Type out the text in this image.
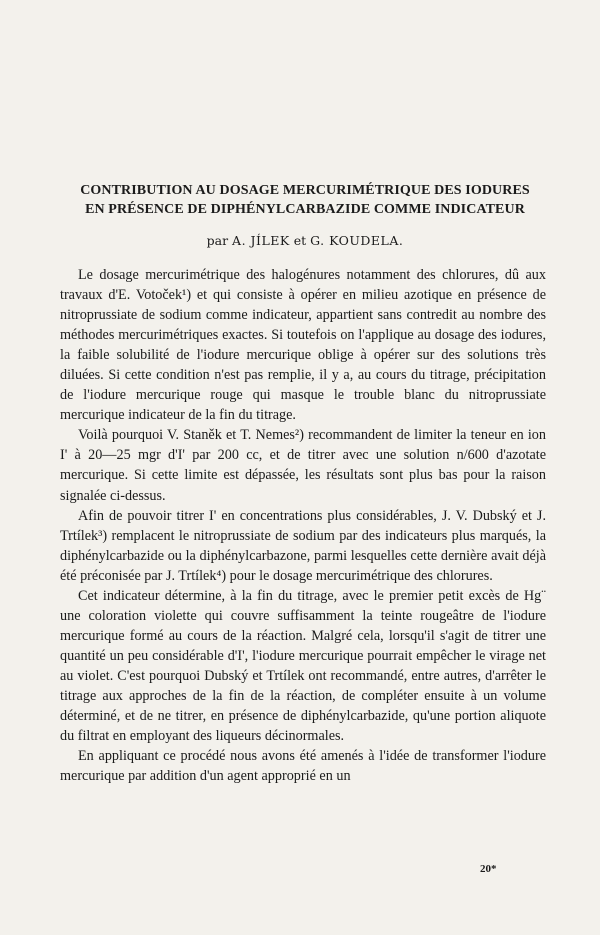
CONTRIBUTION AU DOSAGE MERCURIMÉTRIQUE DES IODURES
EN PRÉSENCE DE DIPHÉNYLCARBAZIDE COMME INDICATEUR
par A. JÍLEK et G. KOUDELA.

Le dosage mercurimétrique des halogénures notamment des chlorures, dû aux travaux d'E. Votoček¹) et qui consiste à opérer en milieu azotique en présence de nitroprussiate de sodium comme indicateur, appartient sans contredit au nombre des méthodes mercurimétriques exactes. Si toutefois on l'applique au dosage des iodures, la faible solubilité de l'iodure mercurique oblige à opérer sur des solutions très diluées. Si cette condition n'est pas remplie, il y a, au cours du titrage, précipitation de l'iodure mercurique rouge qui masque le trouble blanc du nitroprussiate mercurique indicateur de la fin du titrage.

Voilà pourquoi V. Staněk et T. Nemes²) recommandent de limiter la teneur en ion I' à 20—25 mgr d'I' par 200 cc, et de titrer avec une solution n/600 d'azotate mercurique. Si cette limite est dépassée, les résultats sont plus bas pour la raison signalée ci-dessus.

Afin de pouvoir titrer I' en concentrations plus considérables, J. V. Dubský et J. Trtílek³) remplacent le nitroprussiate de sodium par des indicateurs plus marqués, la diphénylcarbazide ou la diphénylcarbazone, parmi lesquelles cette dernière avait déjà été préconisée par J. Trtílek⁴) pour le dosage mercurimétrique des chlorures.

Cet indicateur détermine, à la fin du titrage, avec le premier petit excès de Hg¨ une coloration violette qui couvre suffisamment la teinte rougeâtre de l'iodure mercurique formé au cours de la réaction. Malgré cela, lorsqu'il s'agit de titrer une quantité un peu considérable d'I', l'iodure mercurique pourrait empêcher le virage net au violet. C'est pourquoi Dubský et Trtílek ont recommandé, entre autres, d'arrêter le titrage aux approches de la fin de la réaction, de compléter ensuite à un volume déterminé, et de ne titrer, en présence de diphénylcarbazide, qu'une portion aliquote du filtrat en employant des liqueurs décinormales.

En appliquant ce procédé nous avons été amenés à l'idée de transformer l'iodure mercurique par addition d'un agent approprié en un

20*
